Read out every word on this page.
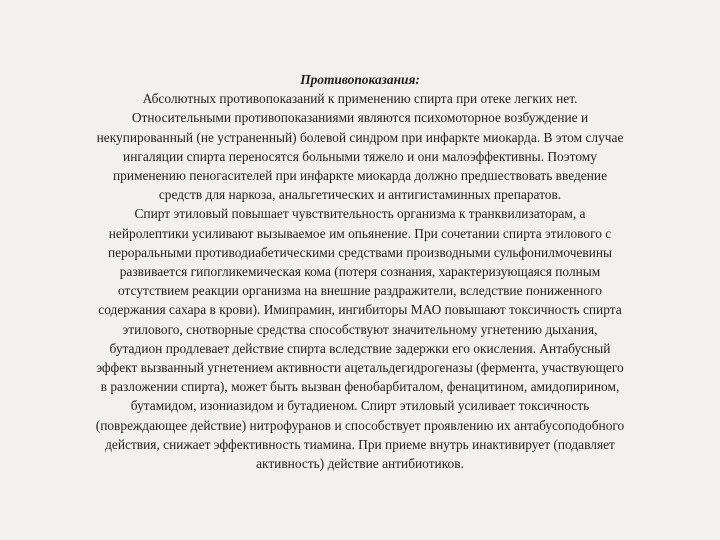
Противопоказания:
Абсолютных противопоказаний к применению спирта при отеке легких нет.
Относительными противопоказаниями являются психомоторное возбуждение и
некупированный (не устраненный) болевой синдром при инфаркте миокарда. В этом случае
ингаляции спирта переносятся больными тяжело и они малоэффективны. Поэтому
применению пеногасителей при инфаркте миокарда должно предшествовать введение
средств для наркоза, анальгетических и антигистаминных препаратов.
Спирт этиловый повышает чувствительность организма к транквилизаторам, а
нейролептики усиливают вызываемое им опьянение. При сочетании спирта этилового с
пероральными противодиабетическими средствами производными сульфонилмочевины
развивается гипогликемическая кома (потеря сознания, характеризующаяся полным
отсутствием реакции организма на внешние раздражители, вследствие пониженного
содержания сахара в крови). Имипрамин, ингибиторы МАО повышают токсичность спирта
этилового, снотворные средства способствуют значительному угнетению дыхания,
бутадион продлевает действие спирта вследствие задержки его окисления. Антабусный
эффект вызванный угнетением активности ацетальдегидрогеназы (фермента, участвующего
в разложении спирта), может быть вызван фенобарбиталом, фенацитином, амидопирином,
бутамидом, изониазидом и бутадиеном. Спирт этиловый усиливает токсичность
(повреждающее действие) нитрофуранов и способствует проявлению их антабусоподобного
действия, снижает эффективность тиамина. При приеме внутрь инактивирует (подавляет
активность) действие антибиотиков.
